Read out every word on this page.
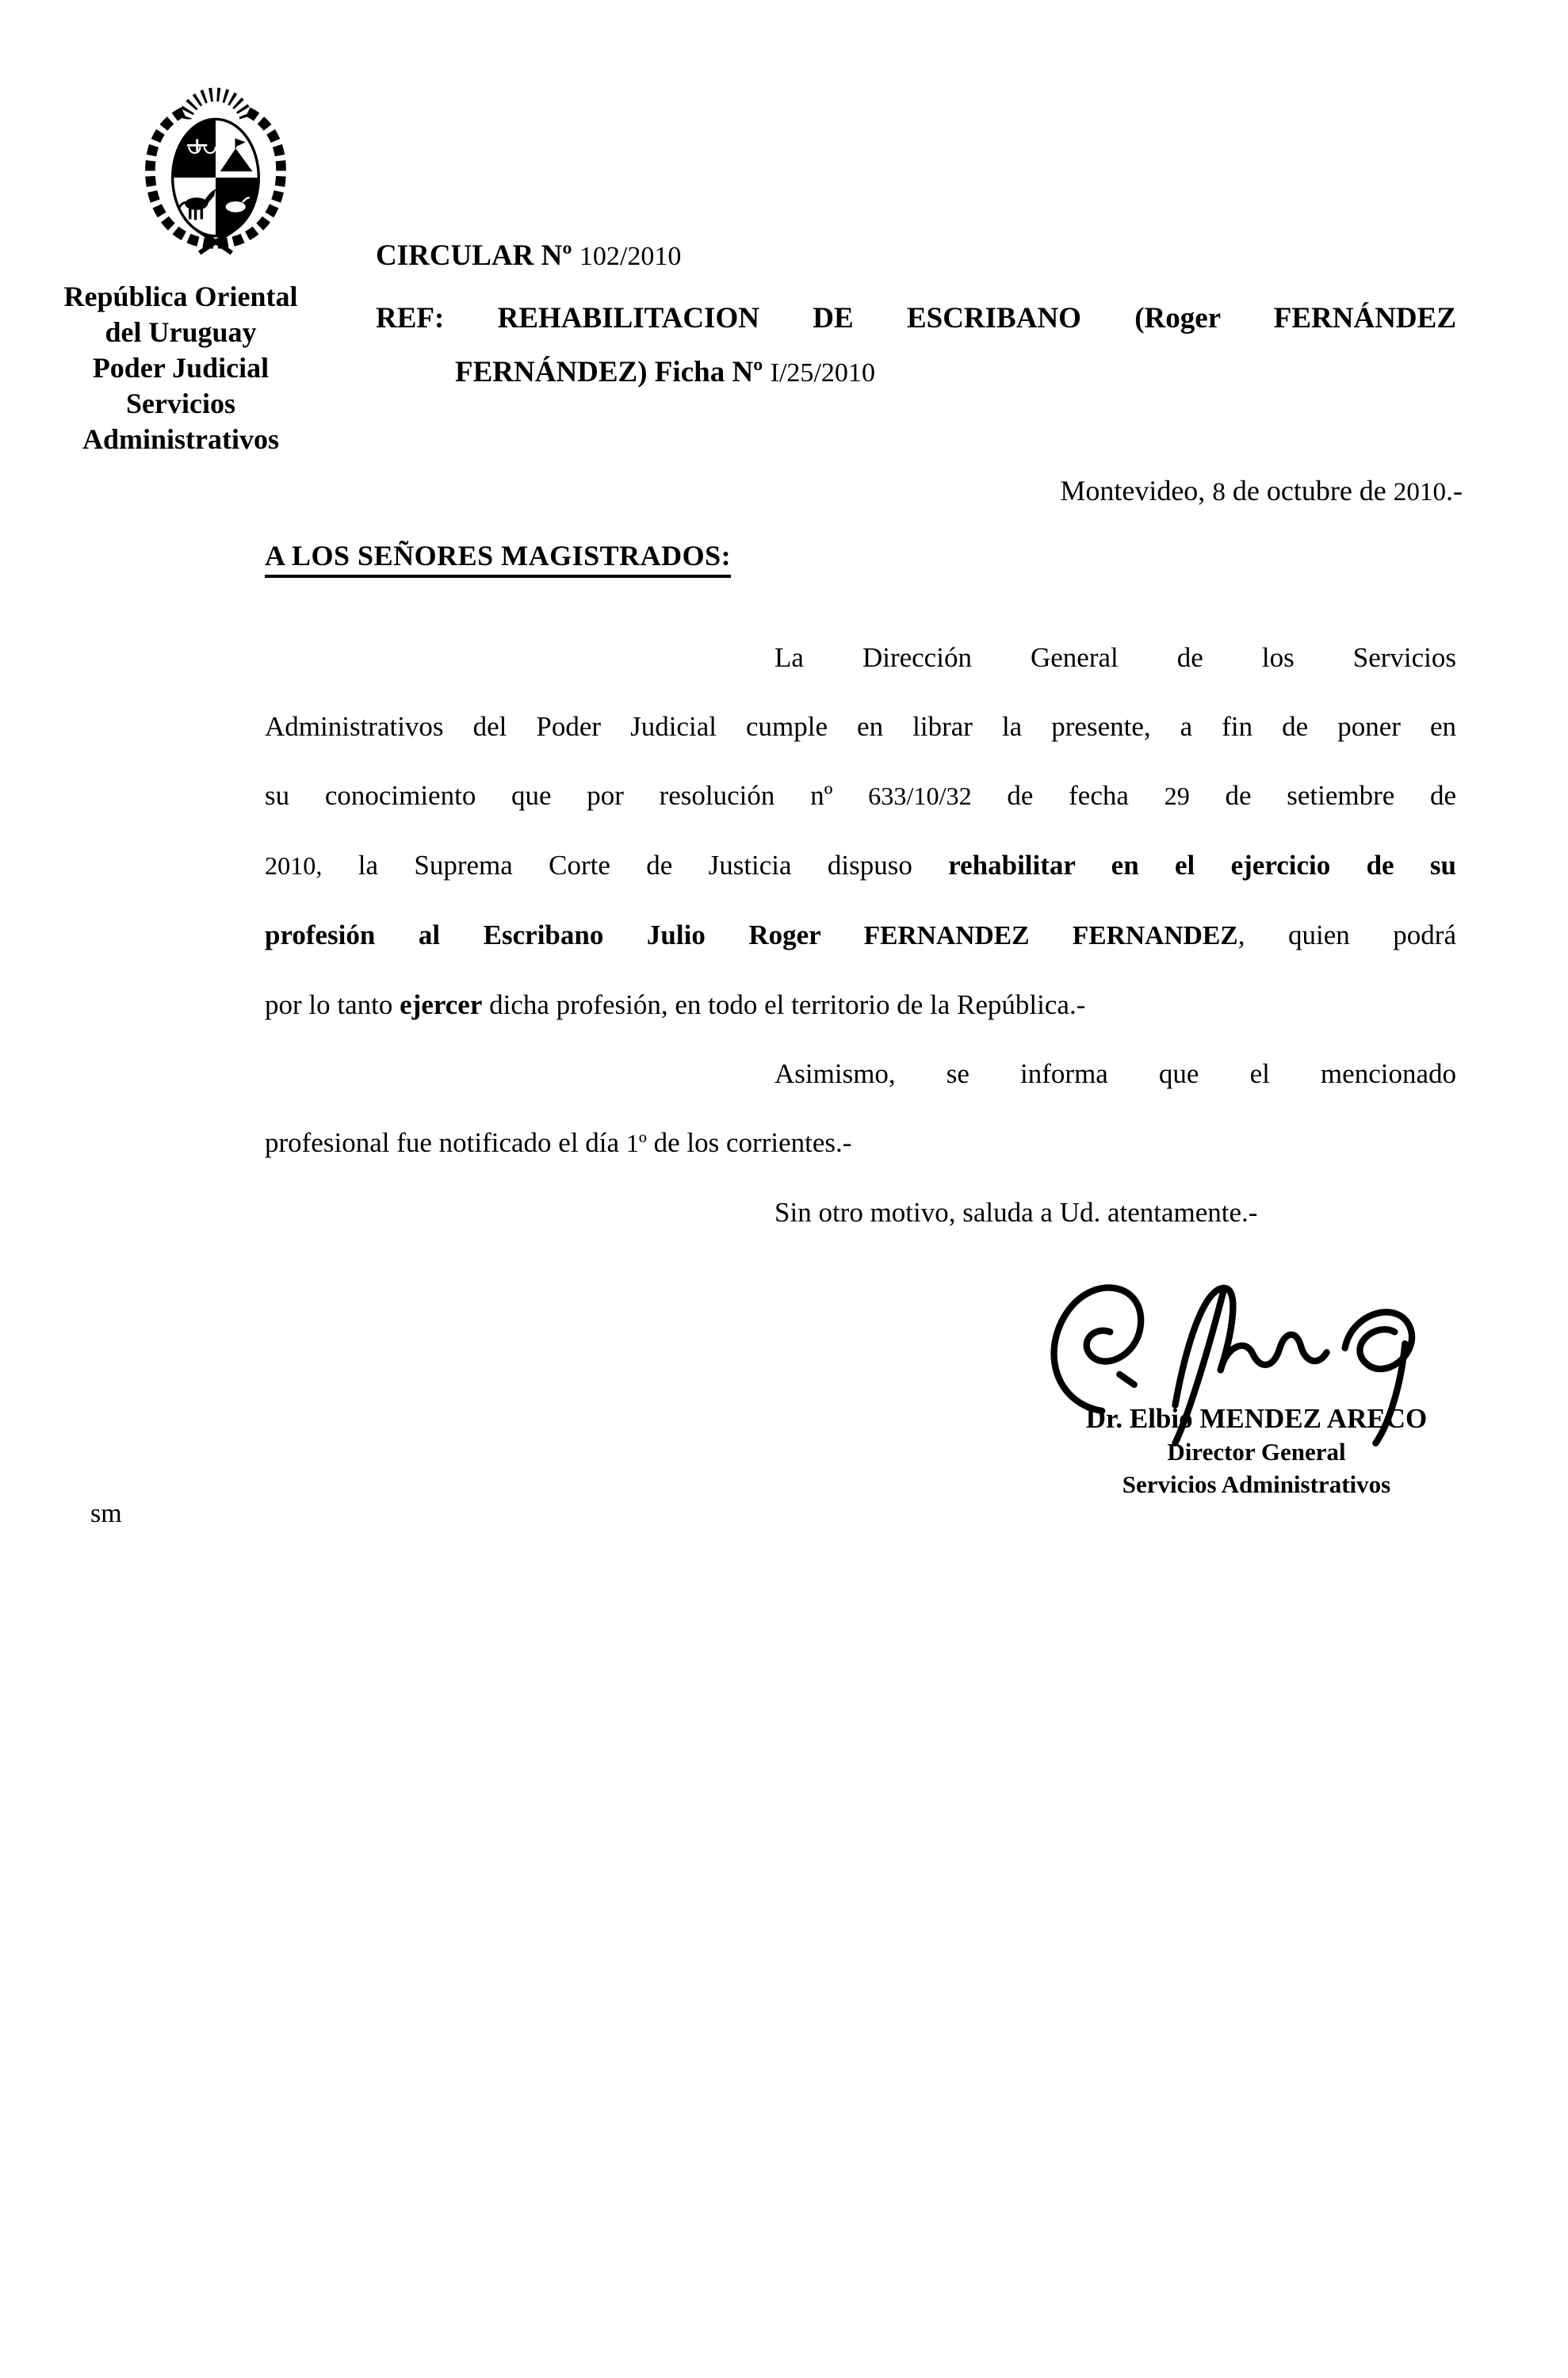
República Oriental
del Uruguay
Poder Judicial
Servicios
Administrativos
CIRCULAR Nº 102/2010
REF: REHABILITACION DE ESCRIBANO (Roger FERNÁNDEZ
FERNÁNDEZ) Ficha Nº I/25/2010
Montevideo, 8 de octubre de 2010.-
A LOS SEÑORES MAGISTRADOS:
La Dirección General de los Servicios
Administrativos del Poder Judicial cumple en librar la presente, a fin de poner en
su conocimiento que por resolución nº 633/10/32 de fecha 29 de setiembre de
2010, la Suprema Corte de Justicia dispuso rehabilitar en el ejercicio de su
profesión al Escribano Julio Roger FERNANDEZ FERNANDEZ, quien podrá
por lo tanto ejercer dicha profesión, en todo el territorio de la República.-
Asimismo, se informa que el mencionado
profesional fue notificado el día 1º de los corrientes.-
Sin otro motivo, saluda a Ud. atentamente.-
Dr. Elbio MENDEZ ARECO
Director General
Servicios Administrativos
sm
